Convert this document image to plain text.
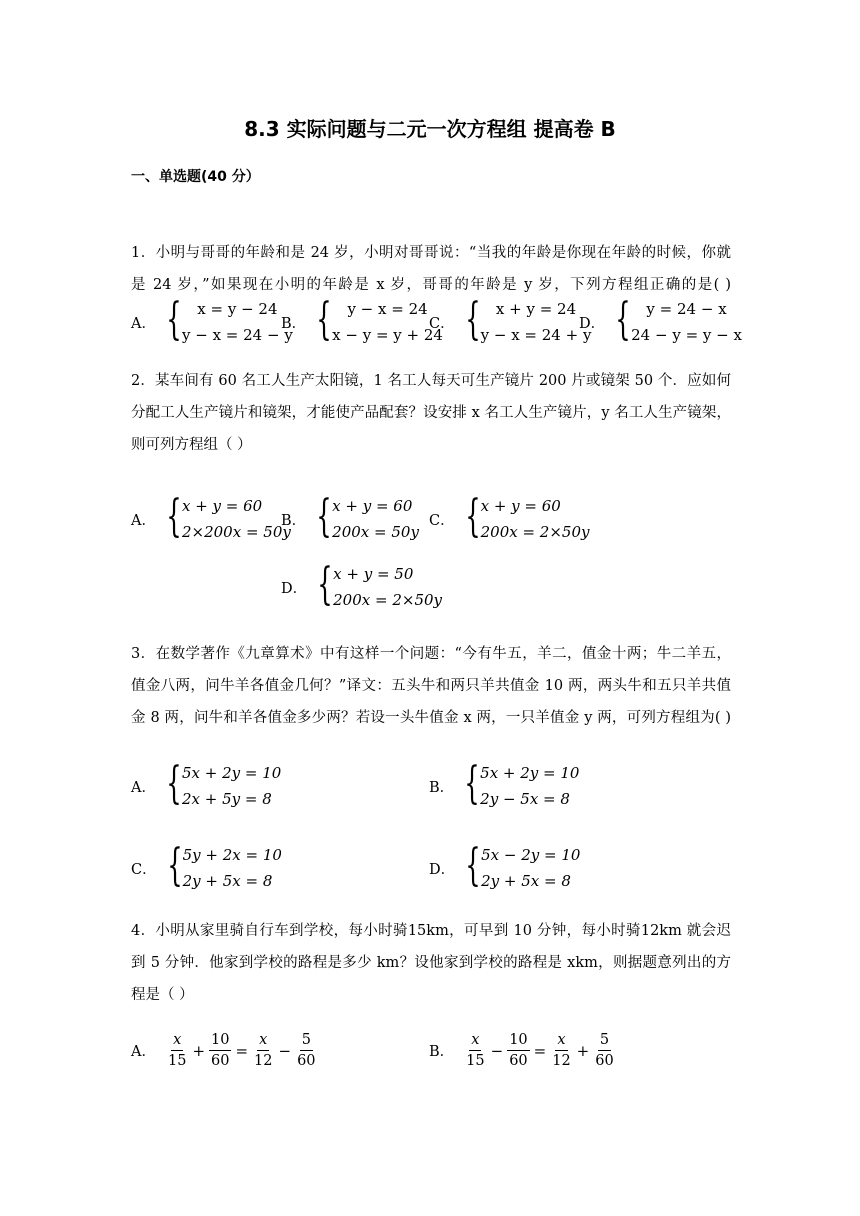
8.3 实际问题与二元一次方程组 提高卷 B
一、单选题(40 分）
1．小明与哥哥的年龄和是 24 岁，小明对哥哥说：“当我的年龄是你现在年龄的时候，你就
是 24 岁，”如果现在小明的年龄是 x 岁，哥哥的年龄是 y 岁，下列方程组正确的是( )
A． {	x = y − 24
y − x = 24 − y
B． {	y − x = 24
x − y = y + 24
C． {	x + y = 24
y − x = 24 + y
D． {	y = 24 − x
24 − y = y − x
2．某车间有 60 名工人生产太阳镜，1 名工人每天可生产镜片 200 片或镜架 50 个．应如何
分配工人生产镜片和镜架，才能使产品配套？设安排 x 名工人生产镜片，y 名工人生产镜架，
则可列方程组（ ）
A． { x + y = 60
2×200x = 50y
B． { x + y = 60
200x = 50y
C． { x + y = 60
200x = 2×50y
D． { x + y = 50
200x = 2×50y
3．在数学著作《九章算术》中有这样一个问题：“今有牛五，羊二，值金十两；牛二羊五，
值金八两，问牛羊各值金几何？”译文：五头牛和两只羊共值金 10 两，两头牛和五只羊共值
金 8 两，问牛和羊各值金多少两？若设一头牛值金 x 两，一只羊值金 y 两，可列方程组为( )
A． { 5x + 2y = 10
2x + 5y = 8
B． { 5x + 2y = 10
2y − 5x = 8
C． { 5y + 2x = 10
2y + 5x = 8
D． { 5x − 2y = 10
2y + 5x = 8
4．小明从家里骑自行车到学校，每小时骑15km，可早到 10 分钟，每小时骑12km 就会迟
到 5 分钟．他家到学校的路程是多少 km？设他家到学校的路程是 xkm，则据题意列出的方
程是（ ）
A． $\frac{x}{15} + \frac{10}{60} = \frac{x}{12} - \frac{5}{60}$	B． $\frac{x}{15} - \frac{10}{60} = \frac{x}{12} + \frac{5}{60}$
